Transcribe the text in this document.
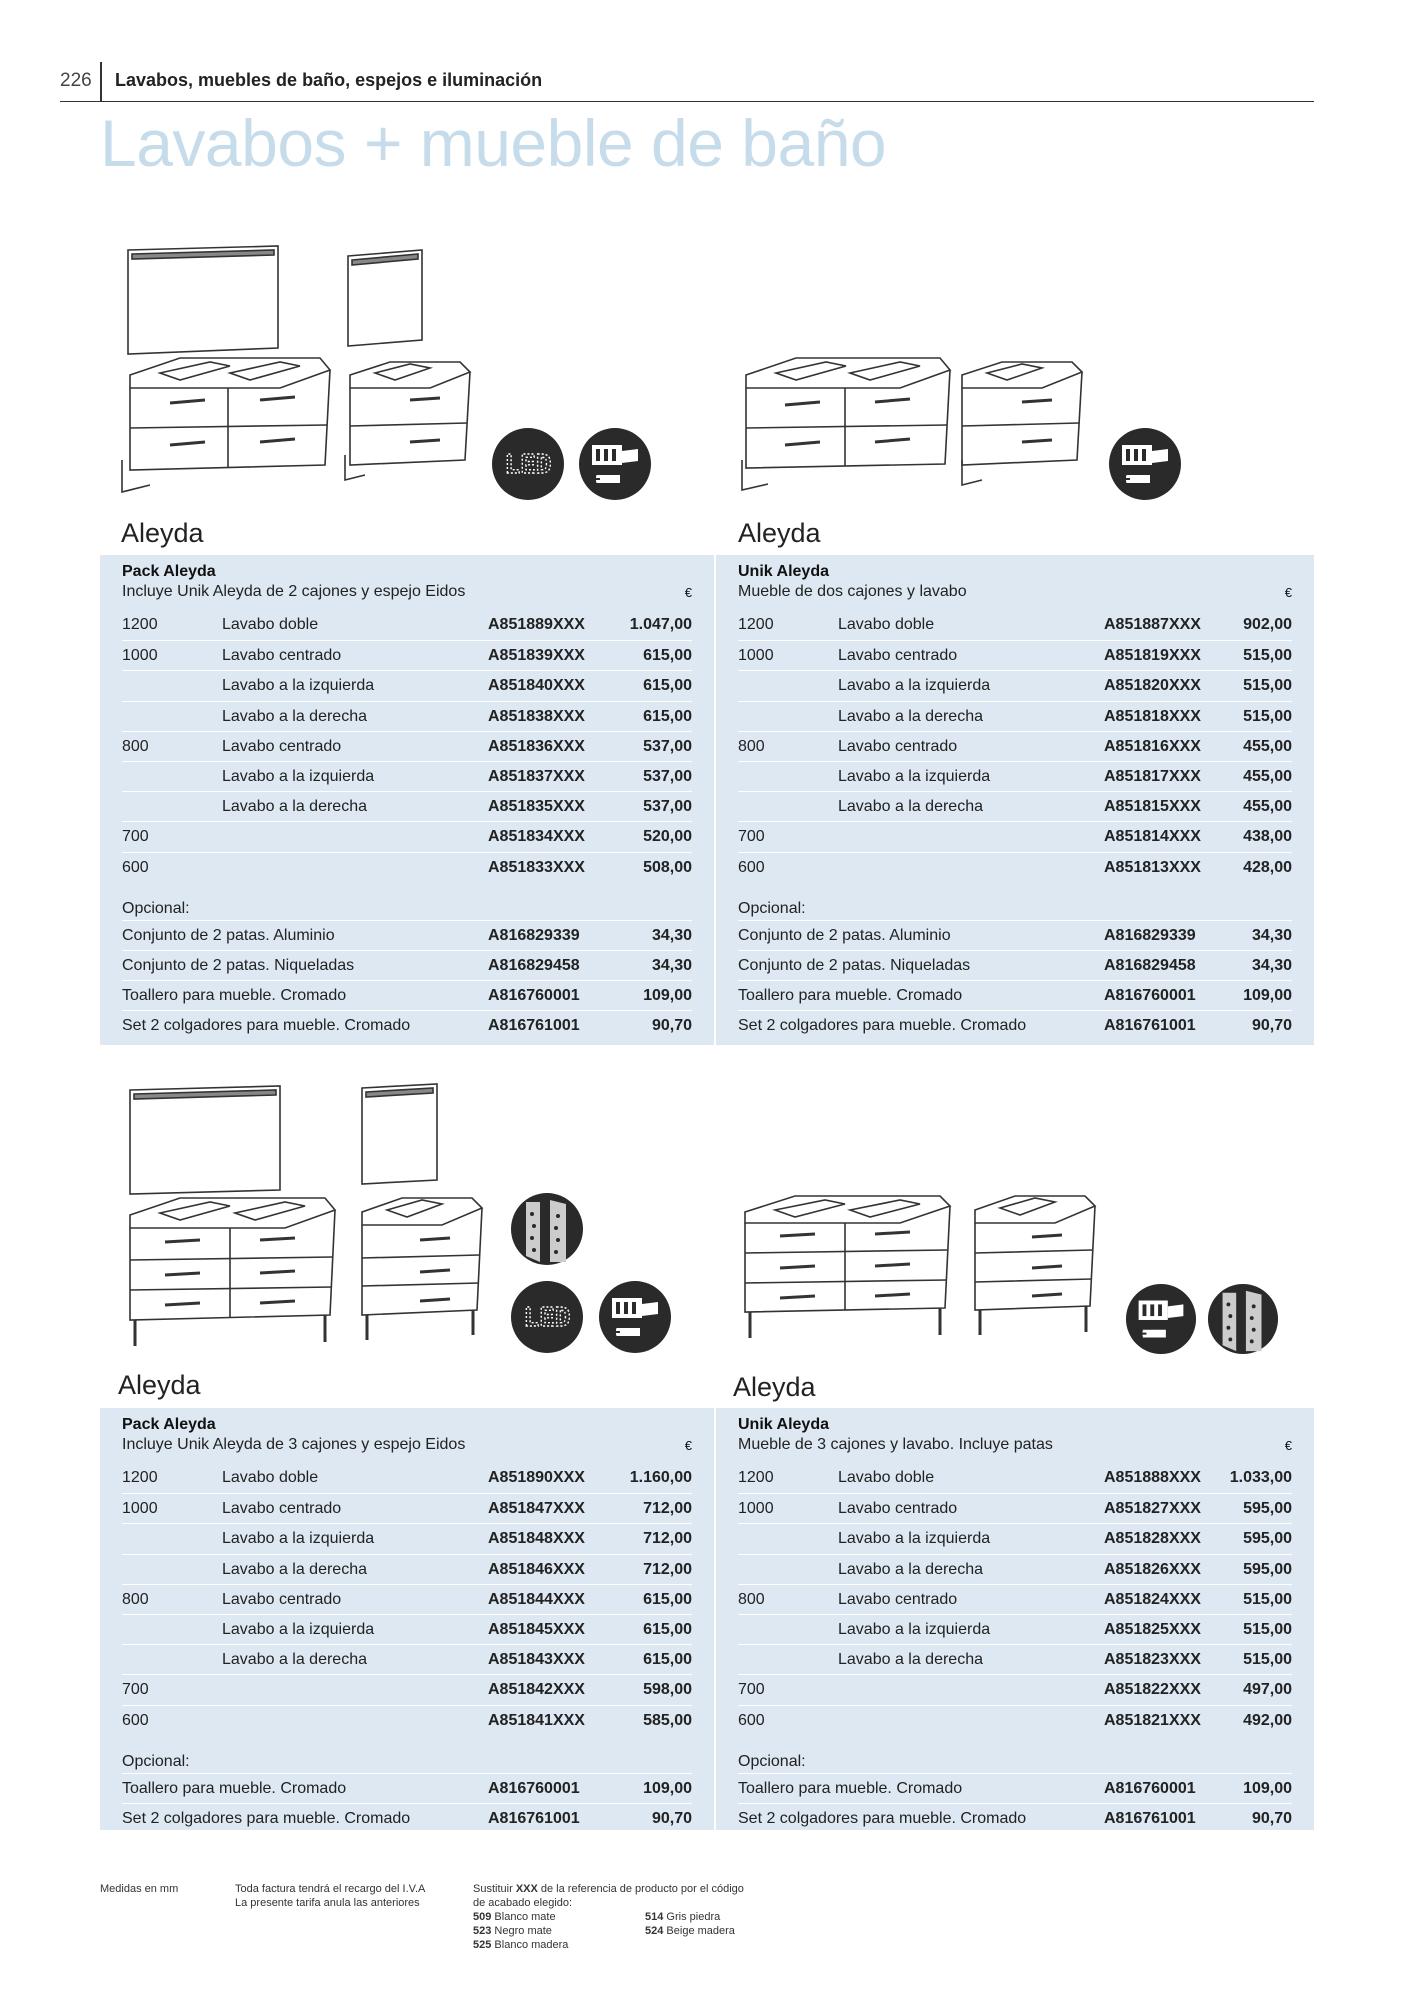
226 Lavabos, muebles de baño, espejos e iluminación
Lavabos + mueble de baño
LED
LED
Aleyda	Aleyda
Aleyda	Aleyda
Pack Aleyda
Incluye Unik Aleyda de 2 cajones y espejo Eidos	€
1200	Lavabo doble	A851889XXX	1.047,00
1000	Lavabo centrado	A851839XXX	615,00
Lavabo a la izquierda	A851840XXX	615,00
Lavabo a la derecha	A851838XXX	615,00
800	Lavabo centrado	A851836XXX	537,00
Lavabo a la izquierda	A851837XXX	537,00
Lavabo a la derecha	A851835XXX	537,00
700	A851834XXX	520,00
600	A851833XXX	508,00
Opcional:
Conjunto de 2 patas. Aluminio	A816829339	34,30
Conjunto de 2 patas. Niqueladas	A816829458	34,30
Toallero para mueble. Cromado	A816760001	109,00
Set 2 colgadores para mueble. Cromado	A816761001	90,70
Unik Aleyda
Mueble de dos cajones y lavabo	€
1200	Lavabo doble	A851887XXX	902,00
1000	Lavabo centrado	A851819XXX	515,00
Lavabo a la izquierda	A851820XXX	515,00
Lavabo a la derecha	A851818XXX	515,00
800	Lavabo centrado	A851816XXX	455,00
Lavabo a la izquierda	A851817XXX	455,00
Lavabo a la derecha	A851815XXX	455,00
700	A851814XXX	438,00
600	A851813XXX	428,00
Opcional:
Conjunto de 2 patas. Aluminio	A816829339	34,30
Conjunto de 2 patas. Niqueladas	A816829458	34,30
Toallero para mueble. Cromado	A816760001	109,00
Set 2 colgadores para mueble. Cromado	A816761001	90,70
Pack Aleyda
Incluye Unik Aleyda de 3 cajones y espejo Eidos	€
1200	Lavabo doble	A851890XXX	1.160,00
1000	Lavabo centrado	A851847XXX	712,00
Lavabo a la izquierda	A851848XXX	712,00
Lavabo a la derecha	A851846XXX	712,00
800	Lavabo centrado	A851844XXX	615,00
Lavabo a la izquierda	A851845XXX	615,00
Lavabo a la derecha	A851843XXX	615,00
700	A851842XXX	598,00
600	A851841XXX	585,00
Opcional:
Toallero para mueble. Cromado	A816760001	109,00
Set 2 colgadores para mueble. Cromado	A816761001	90,70
Unik Aleyda
Mueble de 3 cajones y lavabo. Incluye patas	€
1200	Lavabo doble	A851888XXX 1.033,00
1000	Lavabo centrado	A851827XXX	595,00
Lavabo a la izquierda	A851828XXX	595,00
Lavabo a la derecha	A851826XXX	595,00
800	Lavabo centrado	A851824XXX	515,00
Lavabo a la izquierda	A851825XXX	515,00
Lavabo a la derecha	A851823XXX	515,00
700	A851822XXX	497,00
600	A851821XXX	492,00
Opcional:
Toallero para mueble. Cromado	A816760001	109,00
Set 2 colgadores para mueble. Cromado	A816761001	90,70
Medidas en mm	Toda factura tendrá el recargo del I.V.A
La presente tarifa anula las anteriores
Sustituir XXX de la referencia de producto por el código
de acabado elegido:
509 Blanco mate
523 Negro mate
525 Blanco madera
514 Gris piedra
524 Beige madera
